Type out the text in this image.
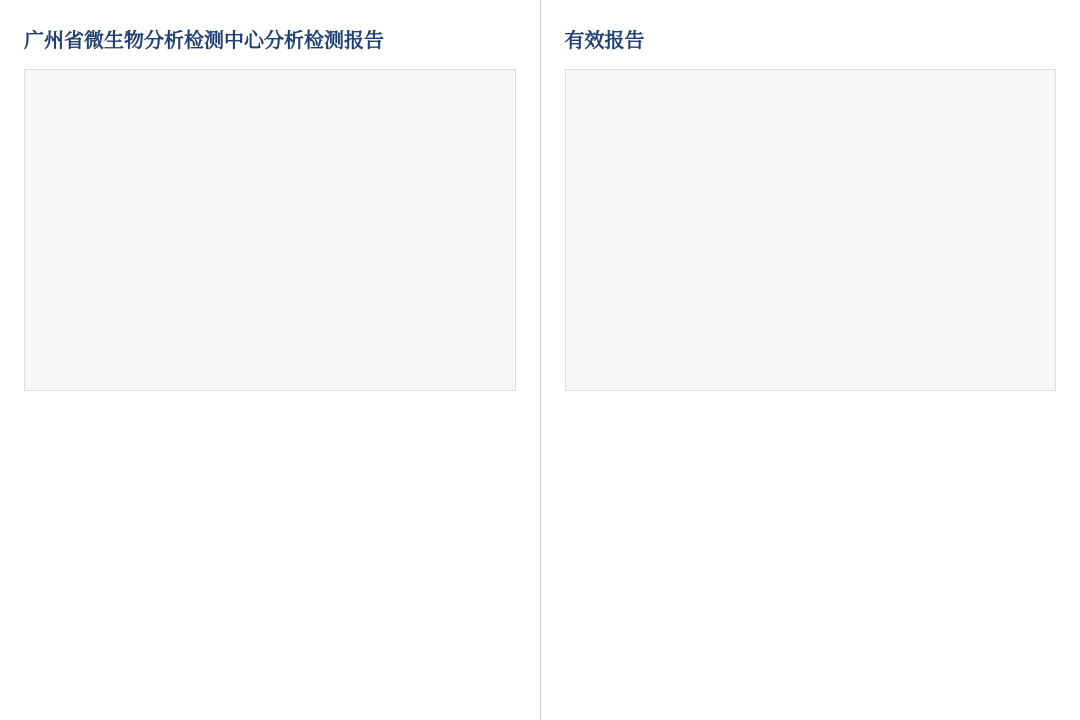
广州省微生物分析检测中心分析检测报告	有效报告
